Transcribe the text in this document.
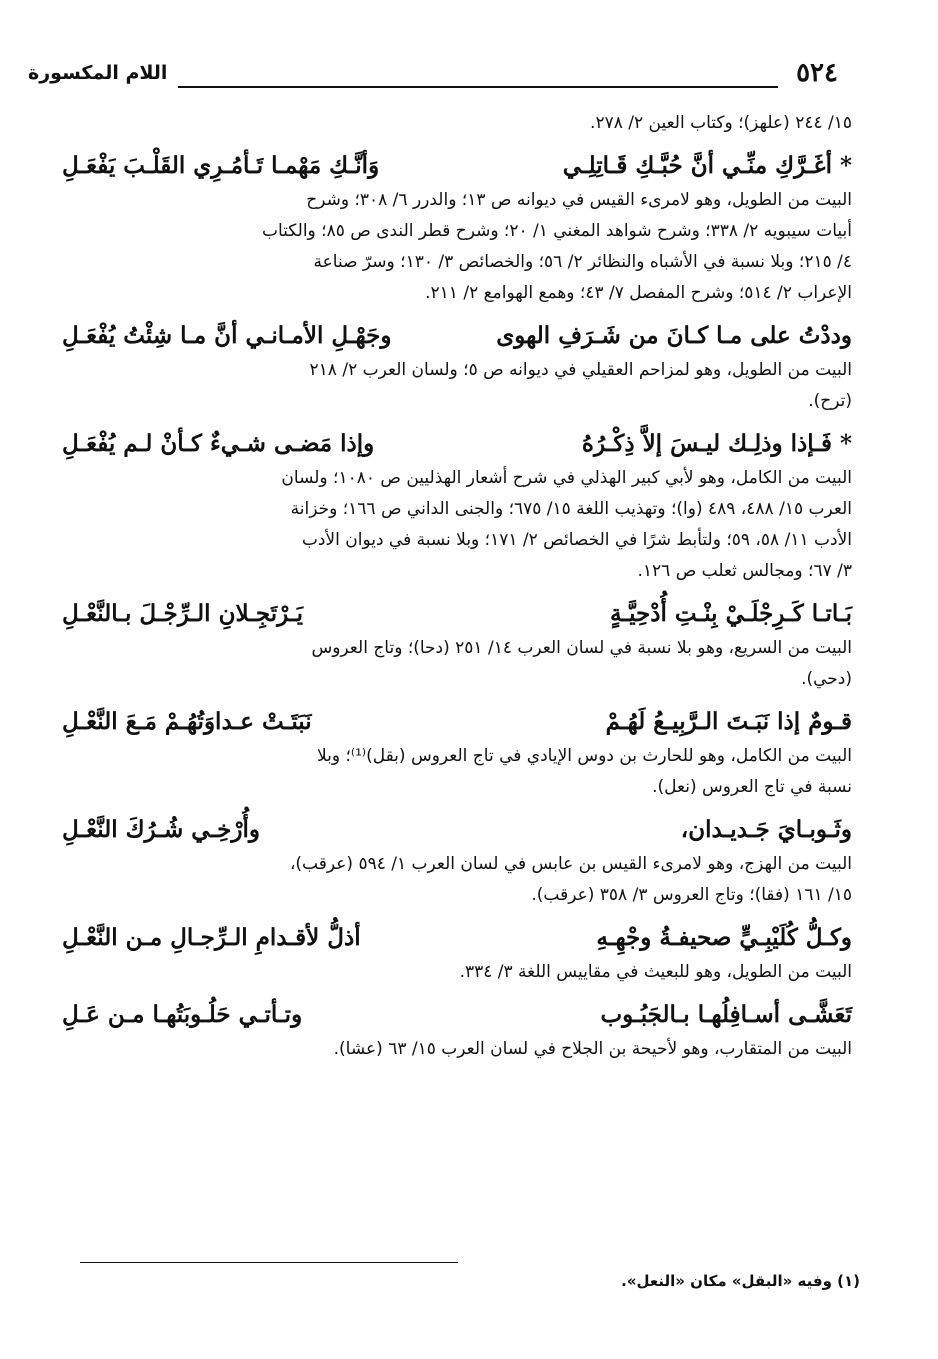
٥٢٤
اللام المكسورة
١٥/ ٢٤٤ (علهز)؛ وكتاب العين ٢/ ٢٧٨.
* أغَـرَّكِ منِّـي أنَّ حُبَّـكِ قَـاتِلِـي
وَأنَّـكِ مَهْمـا تَـأمُـرِي القَلْـبَ يَفْعَـلِ
البيت من الطويل، وهو لامرىء القيس في ديوانه ص ١٣؛ والدرر ٦/ ٣٠٨؛ وشرح
أبيات سيبويه ٢/ ٣٣٨؛ وشرح شواهد المغني ١/ ٢٠؛ وشرح قطر الندى ص ٨٥؛ والكتاب
٤/ ٢١٥؛ وبلا نسبة في الأشباه والنظائر ٢/ ٥٦؛ والخصائص ٣/ ١٣٠؛ وسرّ صناعة
الإعراب ٢/ ٥١٤؛ وشرح المفصل ٧/ ٤٣؛ وهمع الهوامع ٢/ ٢١١.
وددْتُ على مـا كـانَ من شَـرَفِ الهوى
وجَهْـلِ الأمـانـي أنَّ مـا شِئْتُ يُفْعَـلِ
البيت من الطويل، وهو لمزاحم العقيلي في ديوانه ص ٥؛ ولسان العرب ٢/ ٢١٨
(ترح).
* فَـإذا وذلِـك ليـسَ إلاَّ ذِكْـرُهُ
وإذا مَضـى شـيءٌ كـأنْ لـم يُفْعَـلِ
البيت من الكامل، وهو لأبي كبير الهذلي في شرح أشعار الهذليين ص ١٠٨٠؛ ولسان
العرب ١٥/ ٤٨٨، ٤٨٩ (وا)؛ وتهذيب اللغة ١٥/ ٦٧٥؛ والجنى الداني ص ١٦٦؛ وخزانة
الأدب ١١/ ٥٨، ٥٩؛ ولتأبط شرًا في الخصائص ٢/ ١٧١؛ وبلا نسبة في ديوان الأدب
٣/ ٦٧؛ ومجالس ثعلب ص ١٢٦.
بَـاتـا كَـرِجْلَـيْ بِنْـتِ أُدْحِيَّـةٍ
يَـرْتَجِـلانِ الـرِّجْـلَ بـالنَّعْـلِ
البيت من السريع، وهو بلا نسبة في لسان العرب ١٤/ ٢٥١ (دحا)؛ وتاج العروس
(دحي).
قـومٌ إذا نَبَـتَ الـرَّبِيـعُ لَهُـمْ
نَبَتَـتْ عـداوَتُهُـمْ مَـعَ النَّعْـلِ
البيت من الكامل، وهو للحارث بن دوس الإيادي في تاج العروس (بقل)⁽¹⁾؛ وبلا
نسبة في تاج العروس (نعل).
وثَـوبـايَ جَـديـدان،
وأُرْخِـي شُـرُكَ النَّعْـلِ
البيت من الهزج، وهو لامرىء القيس بن عابس في لسان العرب ١/ ٥٩٤ (عرقب)،
١٥/ ١٦١ (فقا)؛ وتاج العروس ٣/ ٣٥٨ (عرقب).
وكـلُّ كُلَيْبِـيٍّ صحيفـةُ وجْهِـهِ
أذلُّ لأقـدامِ الـرِّجـالِ مـن النَّعْـلِ
البيت من الطويل، وهو للبعيث في مقاييس اللغة ٣/ ٣٣٤.
تَعَشَّـى أسـافِلُهـا بـالجَبُـوب
وتـأتـي حَلُـوبَتُهـا مـن عَـلِ
البيت من المتقارب، وهو لأحيحة بن الجلاح في لسان العرب ١٥/ ٦٣ (عشا).
(١) وفيه «البقل» مكان «النعل».
